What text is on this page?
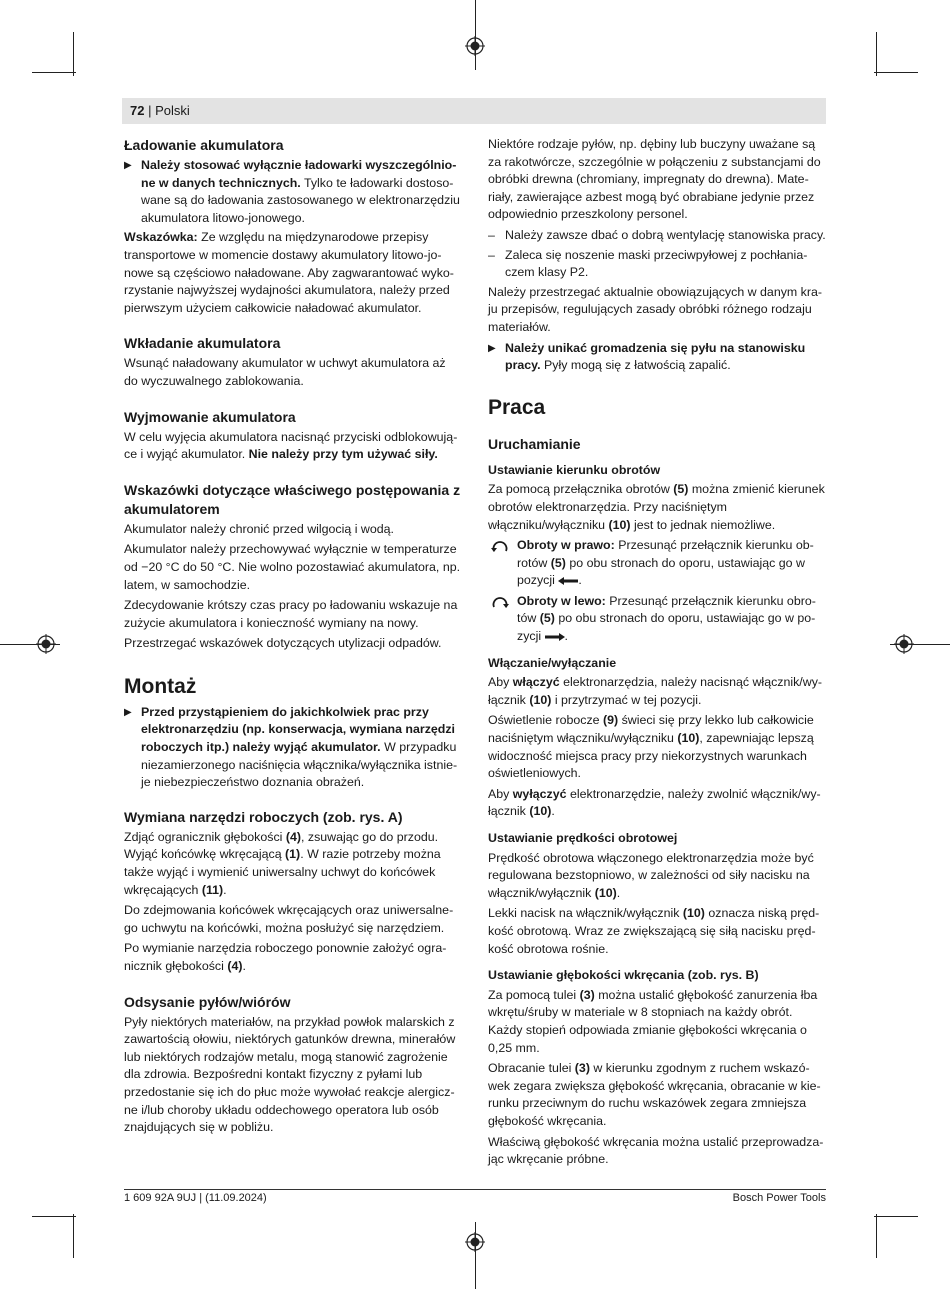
72 | Polski
Ładowanie akumulatora

▶ Należy stosować wyłącznie ładowarki wyszczególnione w danych technicznych. Tylko te ładowarki dostosowane są do ładowania zastosowanego w elektronarzędziu akumulatora litowo-jonowego.

Wskazówka: Ze względu na międzynarodowe przepisy transportowe w momencie dostawy akumulatory litowo-jonowe są częściowo naładowane. Aby zagwarantować wykorzystanie najwyższej wydajności akumulatora, należy przed pierwszym użyciem całkowicie naładować akumulator.

Wkładanie akumulatora

Wsunąć naładowany akumulator w uchwyt akumulatora aż do wyczuwalnego zablokowania.

Wyjmowanie akumulatora

W celu wyjęcia akumulatora nacisnąć przyciski odblokowujące i wyjąć akumulator. Nie należy przy tym używać siły.

Wskazówki dotyczące właściwego postępowania z akumulatorem

Akumulator należy chronić przed wilgocią i wodą.

Akumulator należy przechowywać wyłącznie w temperaturze od −20 °C do 50 °C. Nie wolno pozostawiać akumulatora, np. latem, w samochodzie.

Zdecydowanie krótszy czas pracy po ładowaniu wskazuje na zużycie akumulatora i konieczność wymiany na nowy.

Przestrzegać wskazówek dotyczących utylizacji odpadów.

Montaż

▶ Przed przystąpieniem do jakichkolwiek prac przy elektronarzędziu (np. konserwacja, wymiana narzędzi roboczych itp.) należy wyjąć akumulator. W przypadku niezamierzonego naciśnięcia włącznika/wyłącznika istnieje niebezpieczeństwo doznania obrażeń.

Wymiana narzędzi roboczych (zob. rys. A)

Zdjąć ogranicznik głębokości (4), zsuwając go do przodu. Wyjąć końcówkę wkręcającą (1). W razie potrzeby można także wyjąć i wymienić uniwersalny uchwyt do końcówek wkręcających (11).

Do zdejmowania końcówek wkręcających oraz uniwersalnego uchwytu na końcówki, można posłużyć się narzędziem.

Po wymianie narzędzia roboczego ponownie założyć ogranicznik głębokości (4).

Odsysanie pyłów/wiórów

Pyły niektórych materiałów, na przykład powłok malarskich z zawartością ołowiu, niektórych gatunków drewna, minerałów lub niektórych rodzajów metalu, mogą stanowić zagrożenie dla zdrowia. Bezpośredni kontakt fizyczny z pyłami lub przedostanie się ich do płuc może wywołać reakcje alergiczne i/lub choroby układu oddechowego operatora lub osób znajdujących się w pobliżu.

Niektóre rodzaje pyłów, np. dębiny lub buczyny uważane są za rakotwórcze, szczególnie w połączeniu z substancjami do obróbki drewna (chromiany, impregnaty do drewna). Materiały, zawierające azbest mogą być obrabiane jedynie przez odpowiednio przeszkolony personel.

– Należy zawsze dbać o dobrą wentylację stanowiska pracy.

– Zaleca się noszenie maski przeciwpyłowej z pochłaniaczem klasy P2.

Należy przestrzegać aktualnie obowiązujących w danym kraju przepisów, regulujących zasady obróbki różnego rodzaju materiałów.

▶ Należy unikać gromadzenia się pyłu na stanowisku pracy. Pyły mogą się z łatwością zapalić.

Praca
Uruchamianie
Ustawianie kierunku obrotów

Za pomocą przełącznika obrotów (5) można zmienić kierunek obrotów elektronarzędzia. Przy naciśniętym włączniku/wyłączniku (10) jest to jednak niemożliwe.

Obroty w prawo: Przesunąć przełącznik kierunku obrotów (5) po obu stronach do oporu, ustawiając go w pozycji .

Obroty w lewo: Przesunąć przełącznik kierunku obrotów (5) po obu stronach do oporu, ustawiając go w pozycji .

Włączanie/wyłączanie

Aby włączyć elektronarzędzia, należy nacisnąć włącznik/wyłącznik (10) i przytrzymać w tej pozycji.

Oświetlenie robocze (9) świeci się przy lekko lub całkowicie naciśniętym włączniku/wyłączniku (10), zapewniając lepszą widoczność miejsca pracy przy niekorzystnych warunkach oświetleniowych.

Aby wyłączyć elektronarzędzie, należy zwolnić włącznik/wyłącznik (10).

Ustawianie prędkości obrotowej

Prędkość obrotowa włączonego elektronarzędzia może być regulowana bezstopniowo, w zależności od siły nacisku na włącznik/wyłącznik (10).

Lekki nacisk na włącznik/wyłącznik (10) oznacza niską prędkość obrotową. Wraz ze zwiększającą się siłą nacisku prędkość obrotowa rośnie.

Ustawianie głębokości wkręcania (zob. rys. B)

Za pomocą tulei (3) można ustalić głębokość zanurzenia łba wkrętu/śruby w materiale w 8 stopniach na każdy obrót. Każdy stopień odpowiada zmianie głębokości wkręcania o 0,25 mm.

Obracanie tulei (3) w kierunku zgodnym z ruchem wskazówek zegara zwiększa głębokość wkręcania, obracanie w kierunku przeciwnym do ruchu wskazówek zegara zmniejsza głębokość wkręcania.

Właściwą głębokość wkręcania można ustalić przeprowadzając wkręcanie próbne.

1 609 92A 9UJ | (11.09.2024)	Bosch Power Tools
